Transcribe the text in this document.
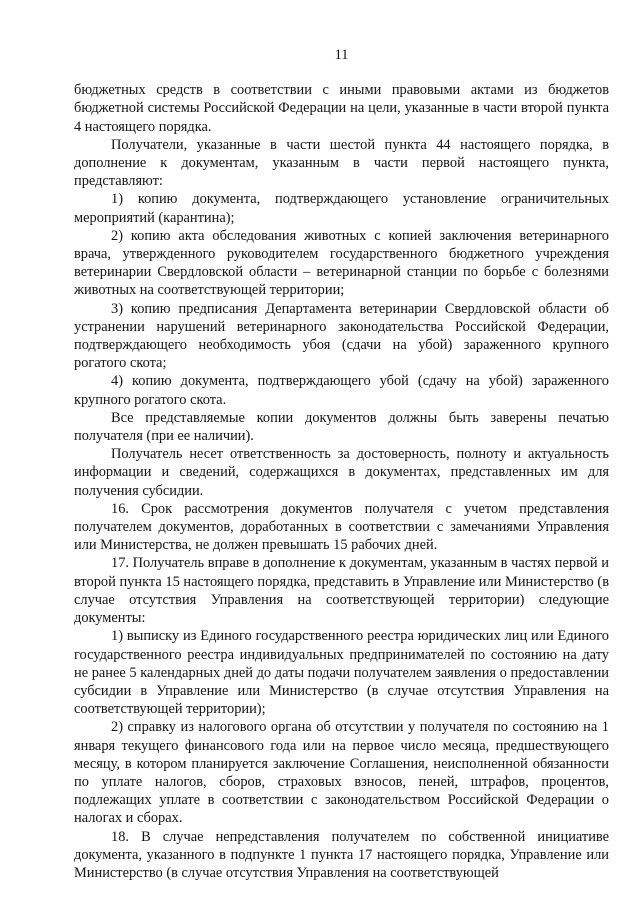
11

бюджетных средств в соответствии с иными правовыми актами из бюджетов бюджетной системы Российской Федерации на цели, указанные в части второй пункта 4 настоящего порядка.

Получатели, указанные в части шестой пункта 44 настоящего порядка, в дополнение к документам, указанным в части первой настоящего пункта, представляют:

1) копию документа, подтверждающего установление ограничительных мероприятий (карантина);

2) копию акта обследования животных с копией заключения ветеринарного врача, утвержденного руководителем государственного бюджетного учреждения ветеринарии Свердловской области – ветеринарной станции по борьбе с болезнями животных на соответствующей территории;

3) копию предписания Департамента ветеринарии Свердловской области об устранении нарушений ветеринарного законодательства Российской Федерации, подтверждающего необходимость убоя (сдачи на убой) зараженного крупного рогатого скота;

4) копию документа, подтверждающего убой (сдачу на убой) зараженного крупного рогатого скота.

Все представляемые копии документов должны быть заверены печатью получателя (при ее наличии).

Получатель несет ответственность за достоверность, полноту и актуальность информации и сведений, содержащихся в документах, представленных им для получения субсидии.

16. Срок рассмотрения документов получателя с учетом представления получателем документов, доработанных в соответствии с замечаниями Управления или Министерства, не должен превышать 15 рабочих дней.

17. Получатель вправе в дополнение к документам, указанным в частях первой и второй пункта 15 настоящего порядка, представить в Управление или Министерство (в случае отсутствия Управления на соответствующей территории) следующие документы:

1) выписку из Единого государственного реестра юридических лиц или Единого государственного реестра индивидуальных предпринимателей по состоянию на дату не ранее 5 календарных дней до даты подачи получателем заявления о предоставлении субсидии в Управление или Министерство (в случае отсутствия Управления на соответствующей территории);

2) справку из налогового органа об отсутствии у получателя по состоянию на 1 января текущего финансового года или на первое число месяца, предшествующего месяцу, в котором планируется заключение Соглашения, неисполненной обязанности по уплате налогов, сборов, страховых взносов, пеней, штрафов, процентов, подлежащих уплате в соответствии с законодательством Российской Федерации о налогах и сборах.

18. В случае непредставления получателем по собственной инициативе документа, указанного в подпункте 1 пункта 17 настоящего порядка, Управление или Министерство (в случае отсутствия Управления на соответствующей
